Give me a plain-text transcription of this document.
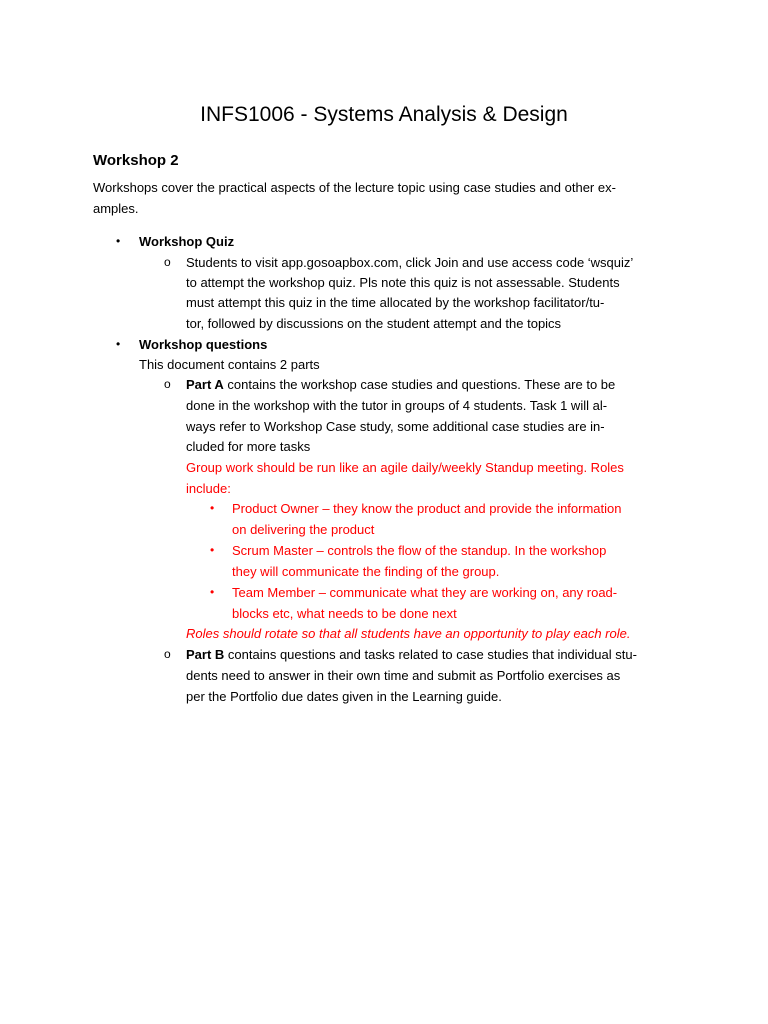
INFS1006 - Systems Analysis & Design
Workshop 2
Workshops cover the practical aspects of the lecture topic using case studies and other ex-
amples.
• Workshop Quiz
o Students to visit app.gosoapbox.com, click Join and use access code ‘wsquiz’
to attempt the workshop quiz. Pls note this quiz is not assessable. Students
must attempt this quiz in the time allocated by the workshop facilitator/tu-
tor, followed by discussions on the student attempt and the topics
• Workshop questions
This document contains 2 parts
o Part A contains the workshop case studies and questions. These are to be
done in the workshop with the tutor in groups of 4 students. Task 1 will al-
ways refer to Workshop Case study, some additional case studies are in-
cluded for more tasks
Group work should be run like an agile daily/weekly Standup meeting. Roles
include:
• Product Owner – they know the product and provide the information
on delivering the product
• Scrum Master – controls the flow of the standup. In the workshop
they will communicate the finding of the group.
• Team Member – communicate what they are working on, any road-
blocks etc, what needs to be done next
Roles should rotate so that all students have an opportunity to play each role.
o Part B contains questions and tasks related to case studies that individual stu-
dents need to answer in their own time and submit as Portfolio exercises as
per the Portfolio due dates given in the Learning guide.
